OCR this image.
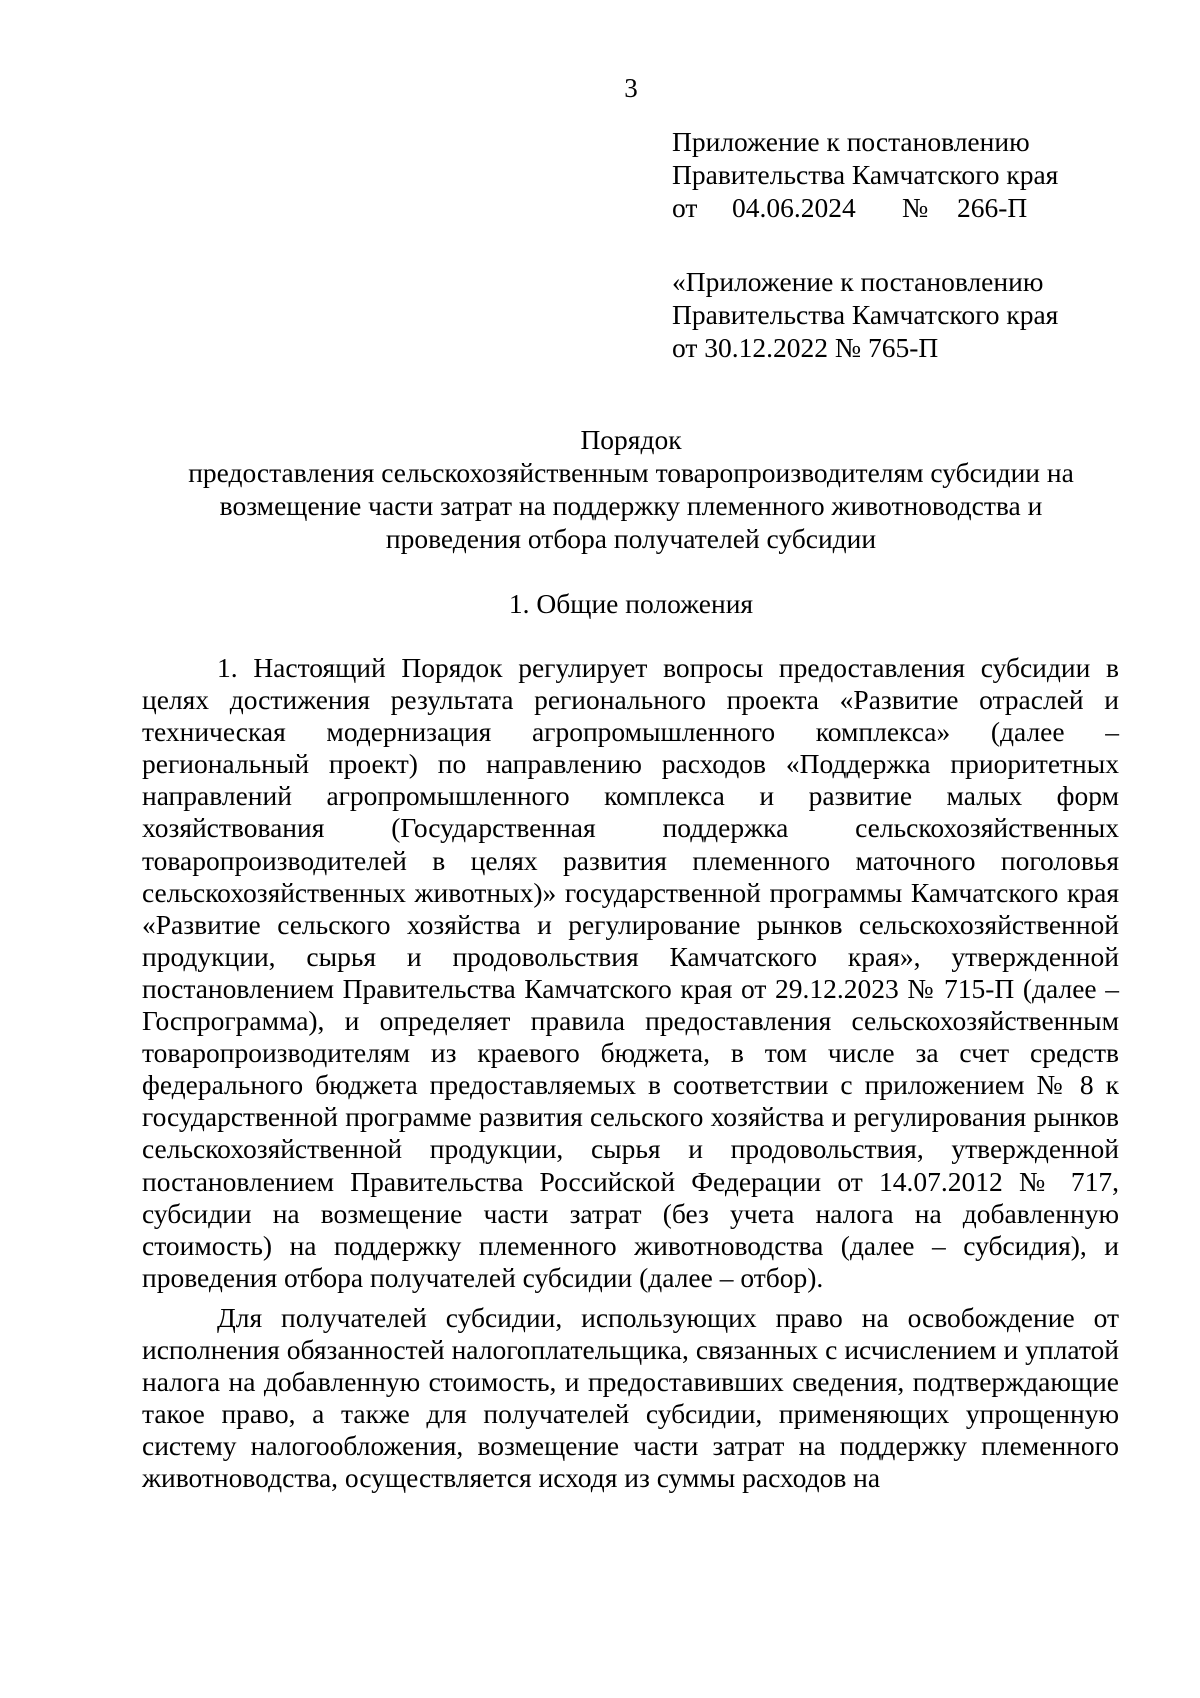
3
Приложение к постановлению
Правительства Камчатского края
от 04.06.2024 № 266-П
«Приложение к постановлению
Правительства Камчатского края
от 30.12.2022 № 765-П
Порядок
предоставления сельскохозяйственным товаропроизводителям субсидии на
возмещение части затрат на поддержку племенного животноводства и
проведения отбора получателей субсидии
1. Общие положения

1. Настоящий Порядок регулирует вопросы предоставления субсидии в целях достижения результата регионального проекта «Развитие отраслей и техническая модернизация агропромышленного комплекса» (далее – региональный проект) по направлению расходов «Поддержка приоритетных направлений агропромышленного комплекса и развитие малых форм хозяйствования (Государственная поддержка сельскохозяйственных товаропроизводителей в целях развития племенного маточного поголовья сельскохозяйственных животных)» государственной программы Камчатского края «Развитие сельского хозяйства и регулирование рынков сельскохозяйственной продукции, сырья и продовольствия Камчатского края», утвержденной постановлением Правительства Камчатского края от 29.12.2023 № 715-П (далее – Госпрограмма), и определяет правила предоставления сельскохозяйственным товаропроизводителям из краевого бюджета, в том числе за счет средств федерального бюджета предоставляемых в соответствии с приложением № 8 к государственной программе развития сельского хозяйства и регулирования рынков сельскохозяйственной продукции, сырья и продовольствия, утвержденной постановлением Правительства Российской Федерации от 14.07.2012 № 717, субсидии на возмещение части затрат (без учета налога на добавленную стоимость) на поддержку племенного животноводства (далее – субсидия), и проведения отбора получателей субсидии (далее – отбор).

Для получателей субсидии, использующих право на освобождение от исполнения обязанностей налогоплательщика, связанных с исчислением и уплатой налога на добавленную стоимость, и предоставивших сведения, подтверждающие такое право, а также для получателей субсидии, применяющих упрощенную систему налогообложения, возмещение части затрат на поддержку племенного животноводства, осуществляется исходя из суммы расходов на
